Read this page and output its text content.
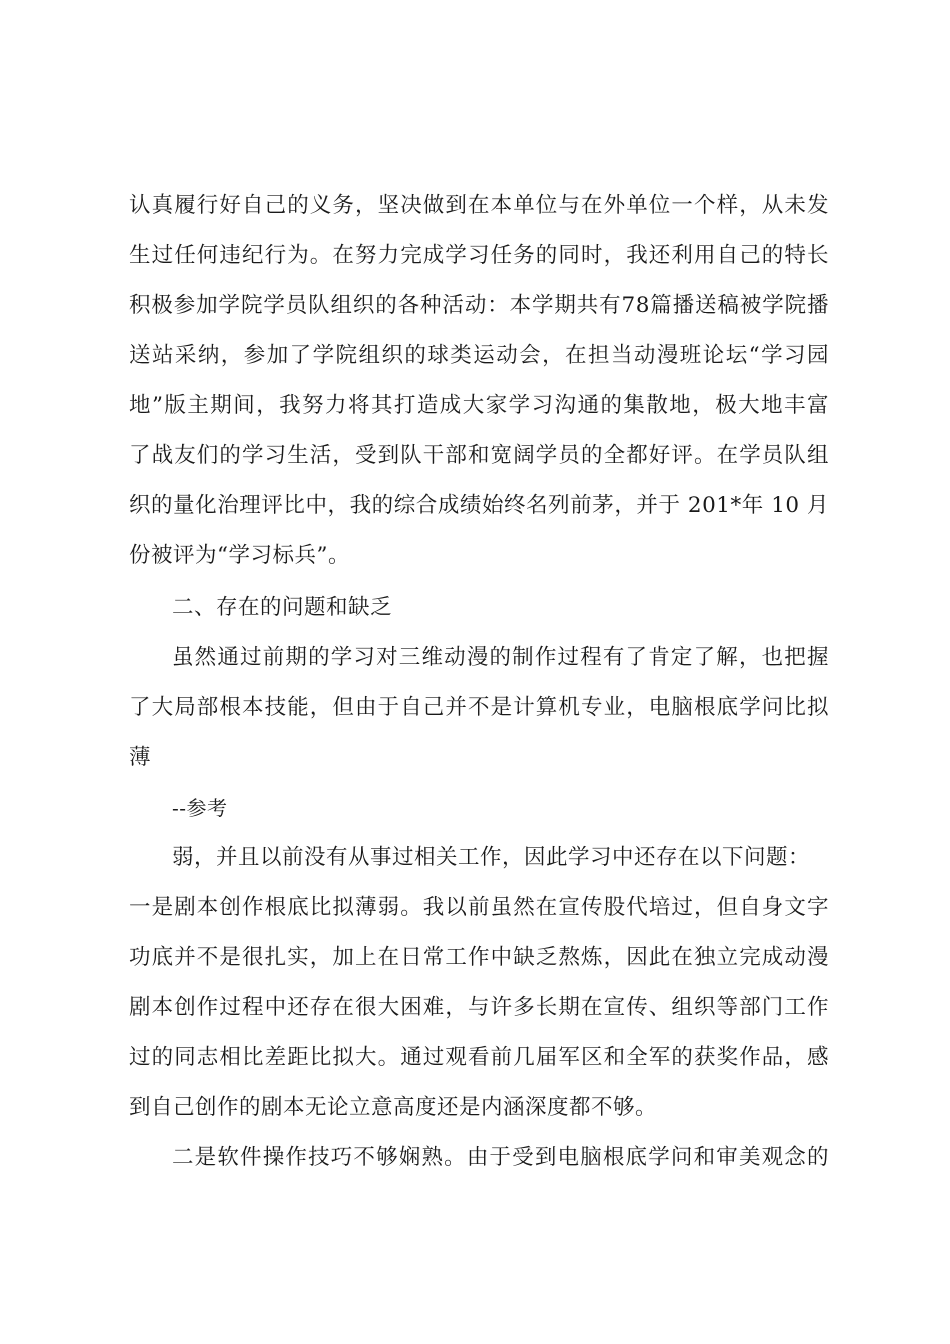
认真履行好自己的义务，坚决做到在本单位与在外单位一个样，从未发
生过任何违纪行为。在努力完成学习任务的同时，我还利用自己的特长
积极参加学院学员队组织的各种活动：本学期共有78篇播送稿被学院播
送站采纳，参加了学院组织的球类运动会，在担当动漫班论坛“学习园
地”版主期间，我努力将其打造成大家学习沟通的集散地，极大地丰富
了战友们的学习生活，受到队干部和宽阔学员的全都好评。在学员队组
织的量化治理评比中，我的综合成绩始终名列前茅，并于 201*年 10 月
份被评为“学习标兵”。
二、存在的问题和缺乏
虽然通过前期的学习对三维动漫的制作过程有了肯定了解，也把握
了大局部根本技能，但由于自己并不是计算机专业，电脑根底学问比拟
薄
--参考
弱，并且以前没有从事过相关工作，因此学习中还存在以下问题：
一是剧本创作根底比拟薄弱。我以前虽然在宣传股代培过，但自身文字
功底并不是很扎实，加上在日常工作中缺乏熬炼，因此在独立完成动漫
剧本创作过程中还存在很大困难，与许多长期在宣传、组织等部门工作
过的同志相比差距比拟大。通过观看前几届军区和全军的获奖作品，感
到自己创作的剧本无论立意高度还是内涵深度都不够。
二是软件操作技巧不够娴熟。由于受到电脑根底学问和审美观念的
